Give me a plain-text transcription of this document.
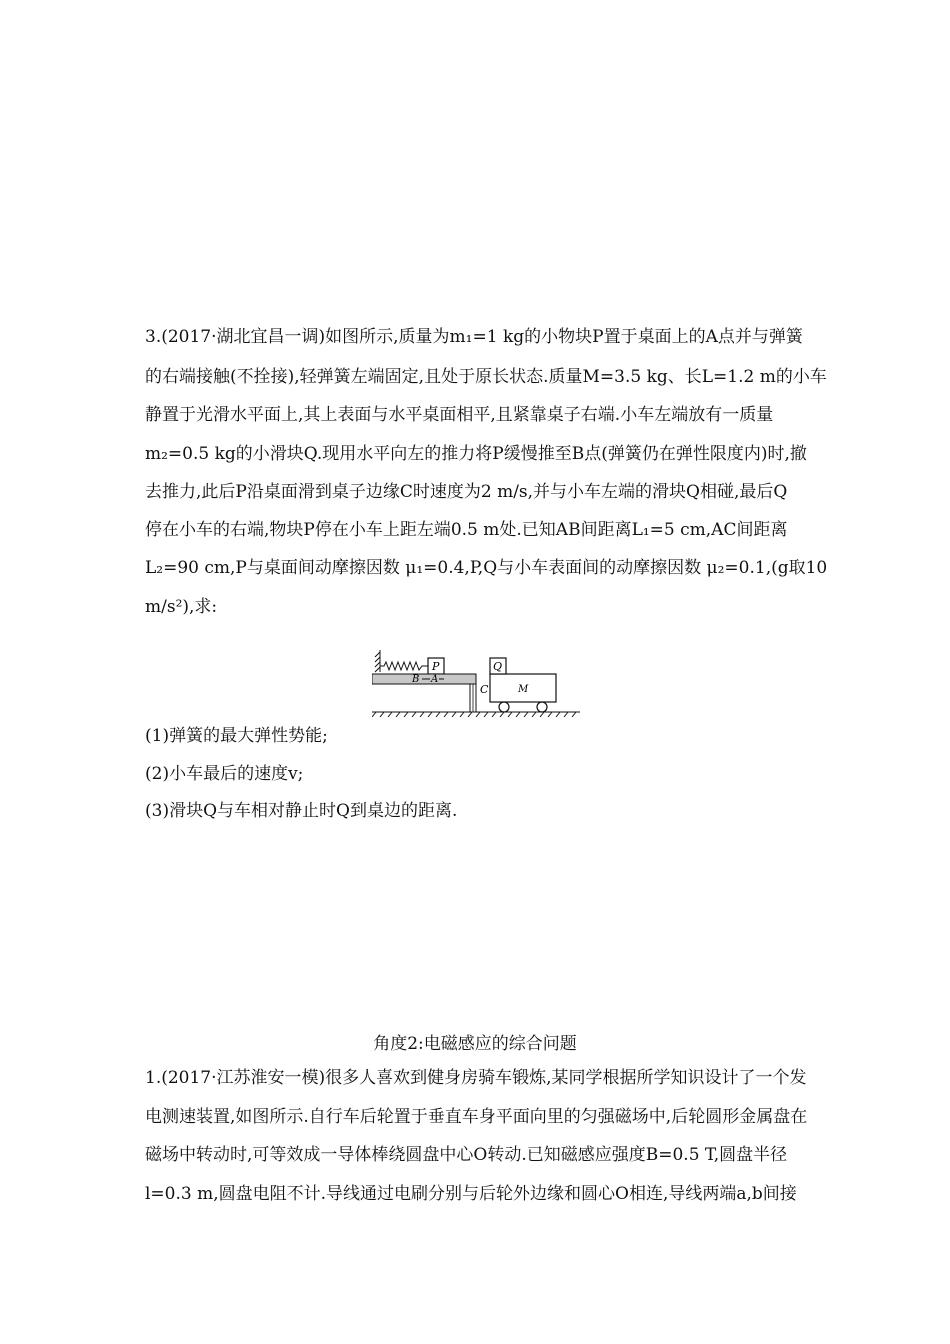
3.(2017·湖北宜昌一调)如图所示,质量为m₁=1 kg的小物块P置于桌面上的A点并与弹簧
的右端接触(不拴接),轻弹簧左端固定,且处于原长状态.质量M=3.5 kg、长L=1.2 m的小车
静置于光滑水平面上,其上表面与水平桌面相平,且紧靠桌子右端.小车左端放有一质量
m₂=0.5 kg的小滑块Q.现用水平向左的推力将P缓慢推至B点(弹簧仍在弹性限度内)时,撤
去推力,此后P沿桌面滑到桌子边缘C时速度为2 m/s,并与小车左端的滑块Q相碰,最后Q
停在小车的右端,物块P停在小车上距左端0.5 m处.已知AB间距离L₁=5 cm,AC间距离
L₂=90 cm,P与桌面间动摩擦因数 μ₁=0.4,P,Q与小车表面间的动摩擦因数 μ₂=0.1,(g取10
m/s²),求:
P
B A
C	M
Q
(1)弹簧的最大弹性势能;
(2)小车最后的速度v;
(3)滑块Q与车相对静止时Q到桌边的距离.
角度2:电磁感应的综合问题
1.(2017·江苏淮安一模)很多人喜欢到健身房骑车锻炼,某同学根据所学知识设计了一个发
电测速装置,如图所示.自行车后轮置于垂直车身平面向里的匀强磁场中,后轮圆形金属盘在
磁场中转动时,可等效成一导体棒绕圆盘中心O转动.已知磁感应强度B=0.5 T,圆盘半径
l=0.3 m,圆盘电阻不计.导线通过电刷分别与后轮外边缘和圆心O相连,导线两端a,b间接
